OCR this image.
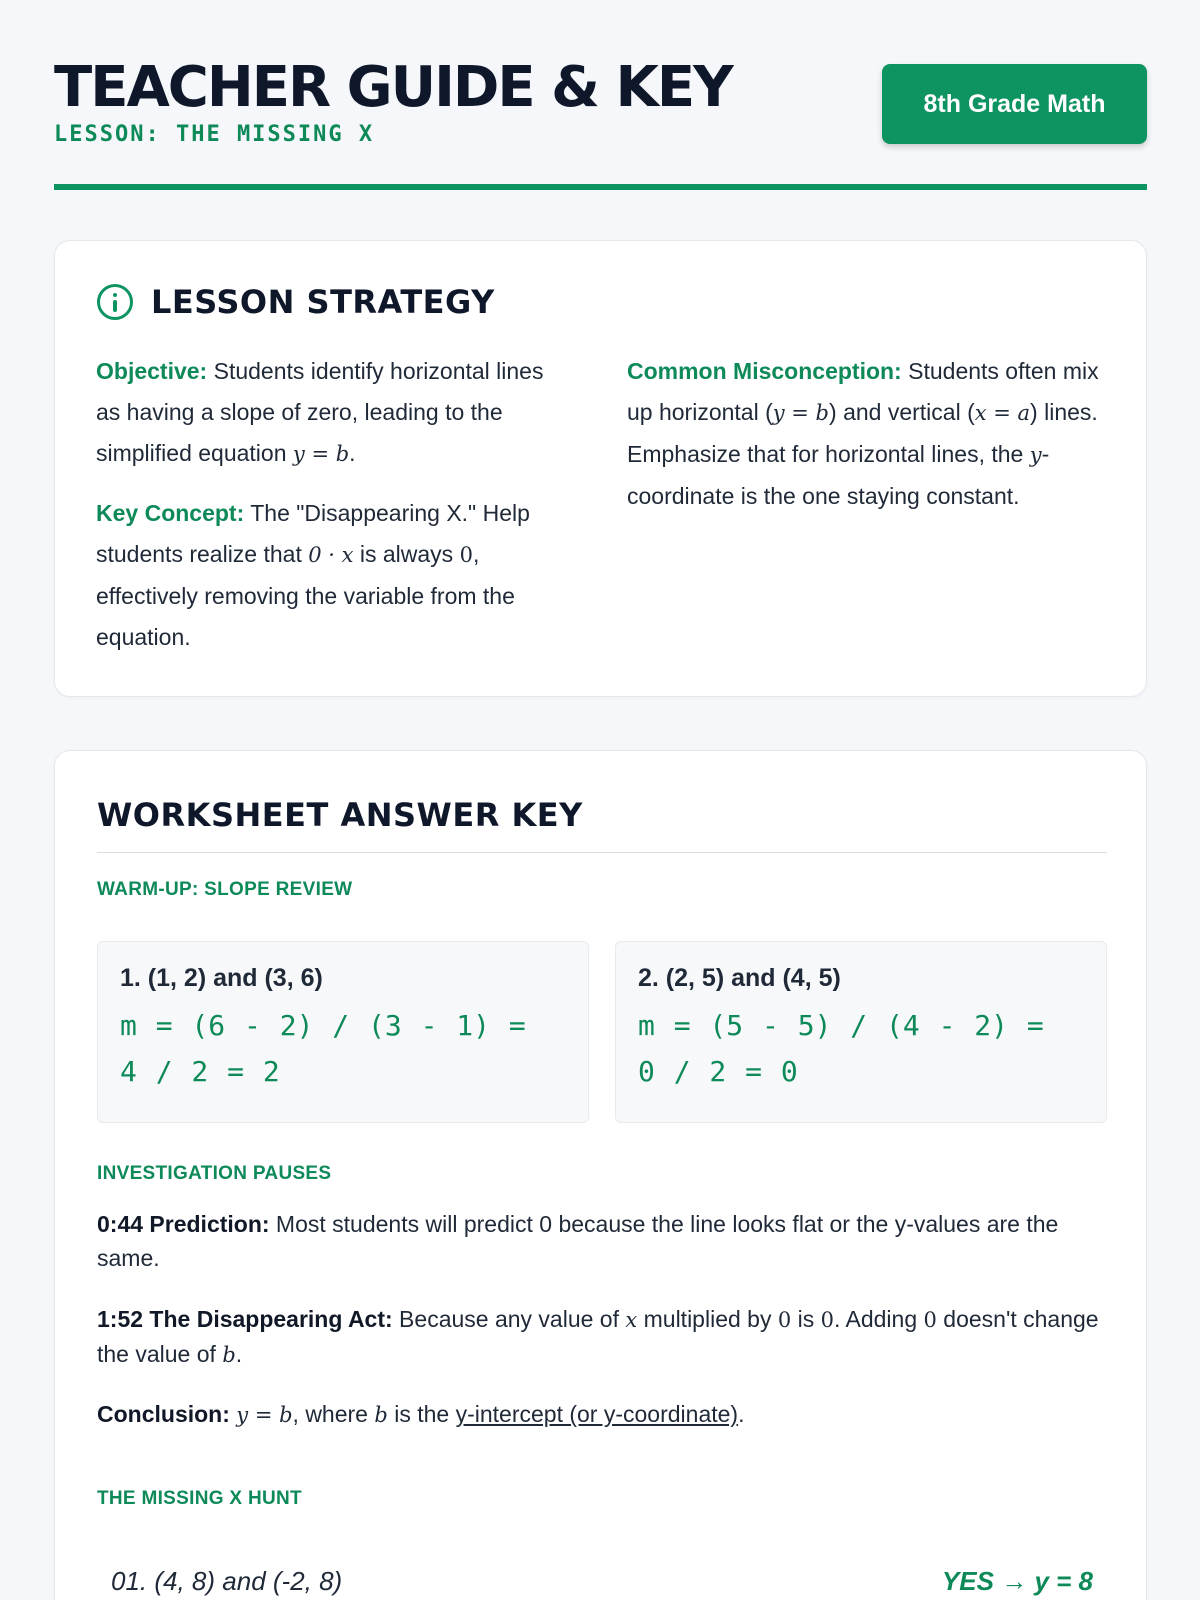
TEACHER GUIDE & KEY
LESSON: THE MISSING X
8th Grade Math
LESSON STRATEGY

Objective: Students identify horizontal lines as having a slope of zero, leading to the simplified equation y = b.

Key Concept: The "Disappearing X." Help students realize that 0 · x is always 0, effectively removing the variable from the equation.

Common Misconception: Students often mix up horizontal (y = b) and vertical (x = a) lines. Emphasize that for horizontal lines, the y-coordinate is the one staying constant.

WORKSHEET ANSWER KEY
WARM-UP: SLOPE REVIEW
1. (1, 2) and (3, 6)
m = (6 - 2) / (3 - 1) =
4 / 2 = 2
2. (2, 5) and (4, 5)
m = (5 - 5) / (4 - 2) =
0 / 2 = 0
INVESTIGATION PAUSES
0:44 Prediction: Most students will predict 0 because the line looks flat or the y-values are the same.
1:52 The Disappearing Act: Because any value of x multiplied by 0 is 0. Adding 0 doesn't change the value of b.
Conclusion: y = b, where b is the y-intercept (or y-coordinate).
THE MISSING X HUNT
01. (4, 8) and (-2, 8)	YES → y = 8
